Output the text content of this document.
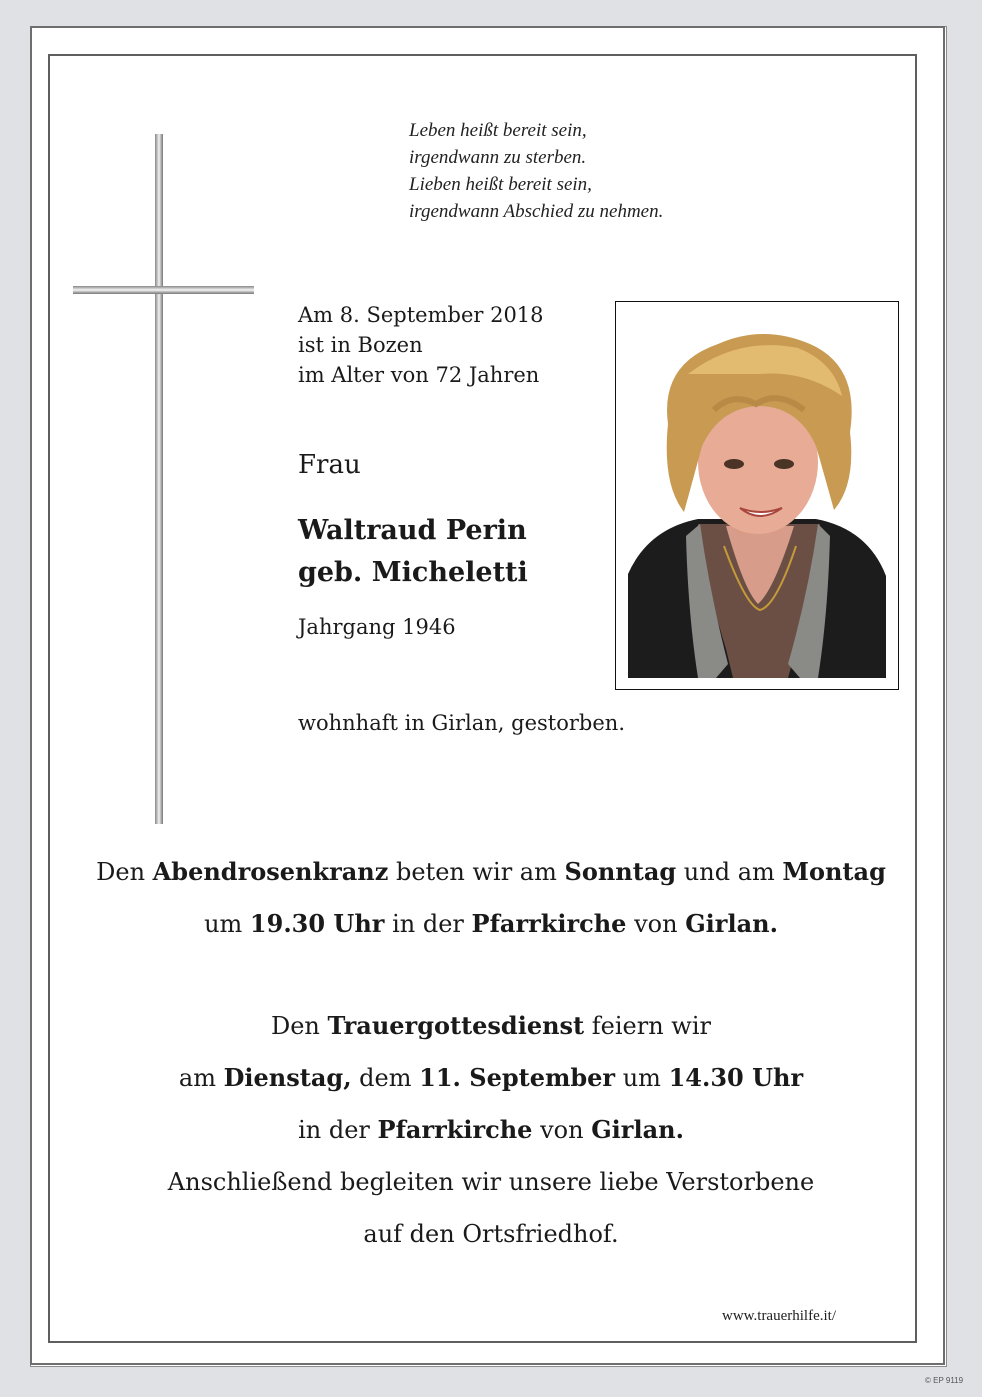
Leben heißt bereit sein,
irgendwann zu sterben.
Lieben heißt bereit sein,
irgendwann Abschied zu nehmen.
Am 8. September 2018
ist in Bozen
im Alter von 72 Jahren
Frau
Waltraud Perin
geb. Micheletti
Jahrgang 1946
wohnhaft in Girlan, gestorben.
Den Abendrosenkranz beten wir am Sonntag und am Montag
um 19.30 Uhr in der Pfarrkirche von Girlan.
Den Trauergottesdienst feiern wir
am Dienstag, dem 11. September um 14.30 Uhr
in der Pfarrkirche von Girlan.
Anschließend begleiten wir unsere liebe Verstorbene
auf den Ortsfriedhof.
www.trauerhilfe.it/
© EP 9119
